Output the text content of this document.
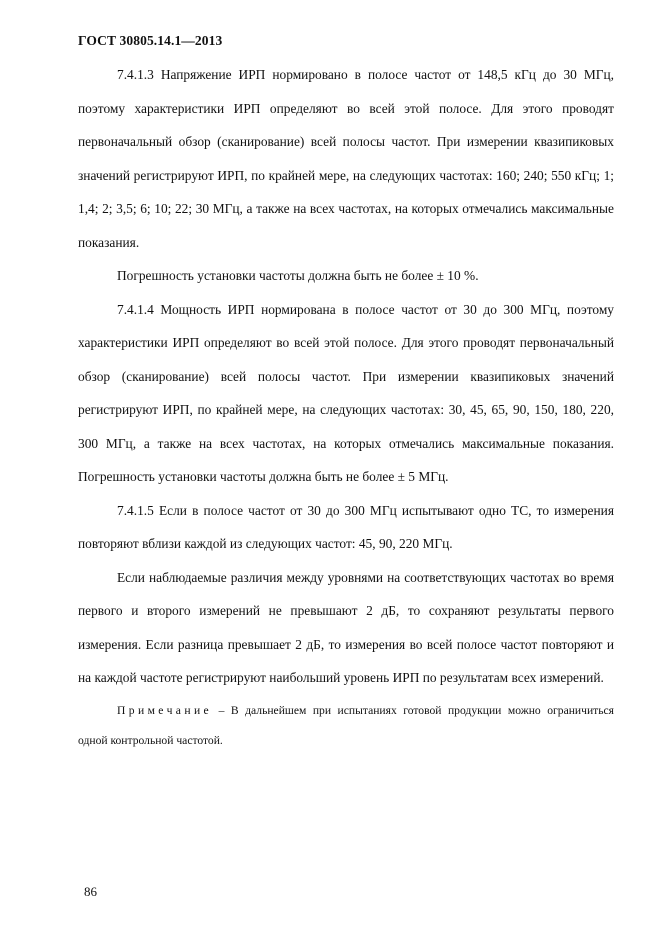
ГОСТ 30805.14.1—2013

7.4.1.3 Напряжение ИРП нормировано в полосе частот от 148,5 кГц до 30 МГц, поэтому характеристики ИРП определяют во всей этой полосе. Для этого проводят первоначальный обзор (сканирование) всей полосы частот. При измерении квазипиковых значений регистрируют ИРП, по крайней мере, на следующих частотах: 160; 240; 550 кГц; 1; 1,4; 2; 3,5; 6; 10; 22; 30 МГц, а также на всех частотах, на которых отмечались максимальные показания.

Погрешность установки частоты должна быть не более ± 10 %.

7.4.1.4 Мощность ИРП нормирована в полосе частот от 30 до 300 МГц, поэтому характеристики ИРП определяют во всей этой полосе. Для этого проводят первоначальный обзор (сканирование) всей полосы частот. При измерении квазипиковых значений регистрируют ИРП, по крайней мере, на следующих частотах: 30, 45, 65, 90, 150, 180, 220, 300 МГц, а также на всех частотах, на которых отмечались максимальные показания. Погрешность установки частоты должна быть не более ± 5 МГц.

7.4.1.5 Если в полосе частот от 30 до 300 МГц испытывают одно ТС, то измерения повторяют вблизи каждой из следующих частот: 45, 90, 220 МГц.

Если наблюдаемые различия между уровнями на соответствующих частотах во время первого и второго измерений не превышают 2 дБ, то сохраняют результаты первого измерения. Если разница превышает 2 дБ, то измерения во всей полосе частот повторяют и на каждой частоте регистрируют наибольший уровень ИРП по результатам всех измерений.

Примечание – В дальнейшем при испытаниях готовой продукции можно ограничиться одной контрольной частотой.

86
